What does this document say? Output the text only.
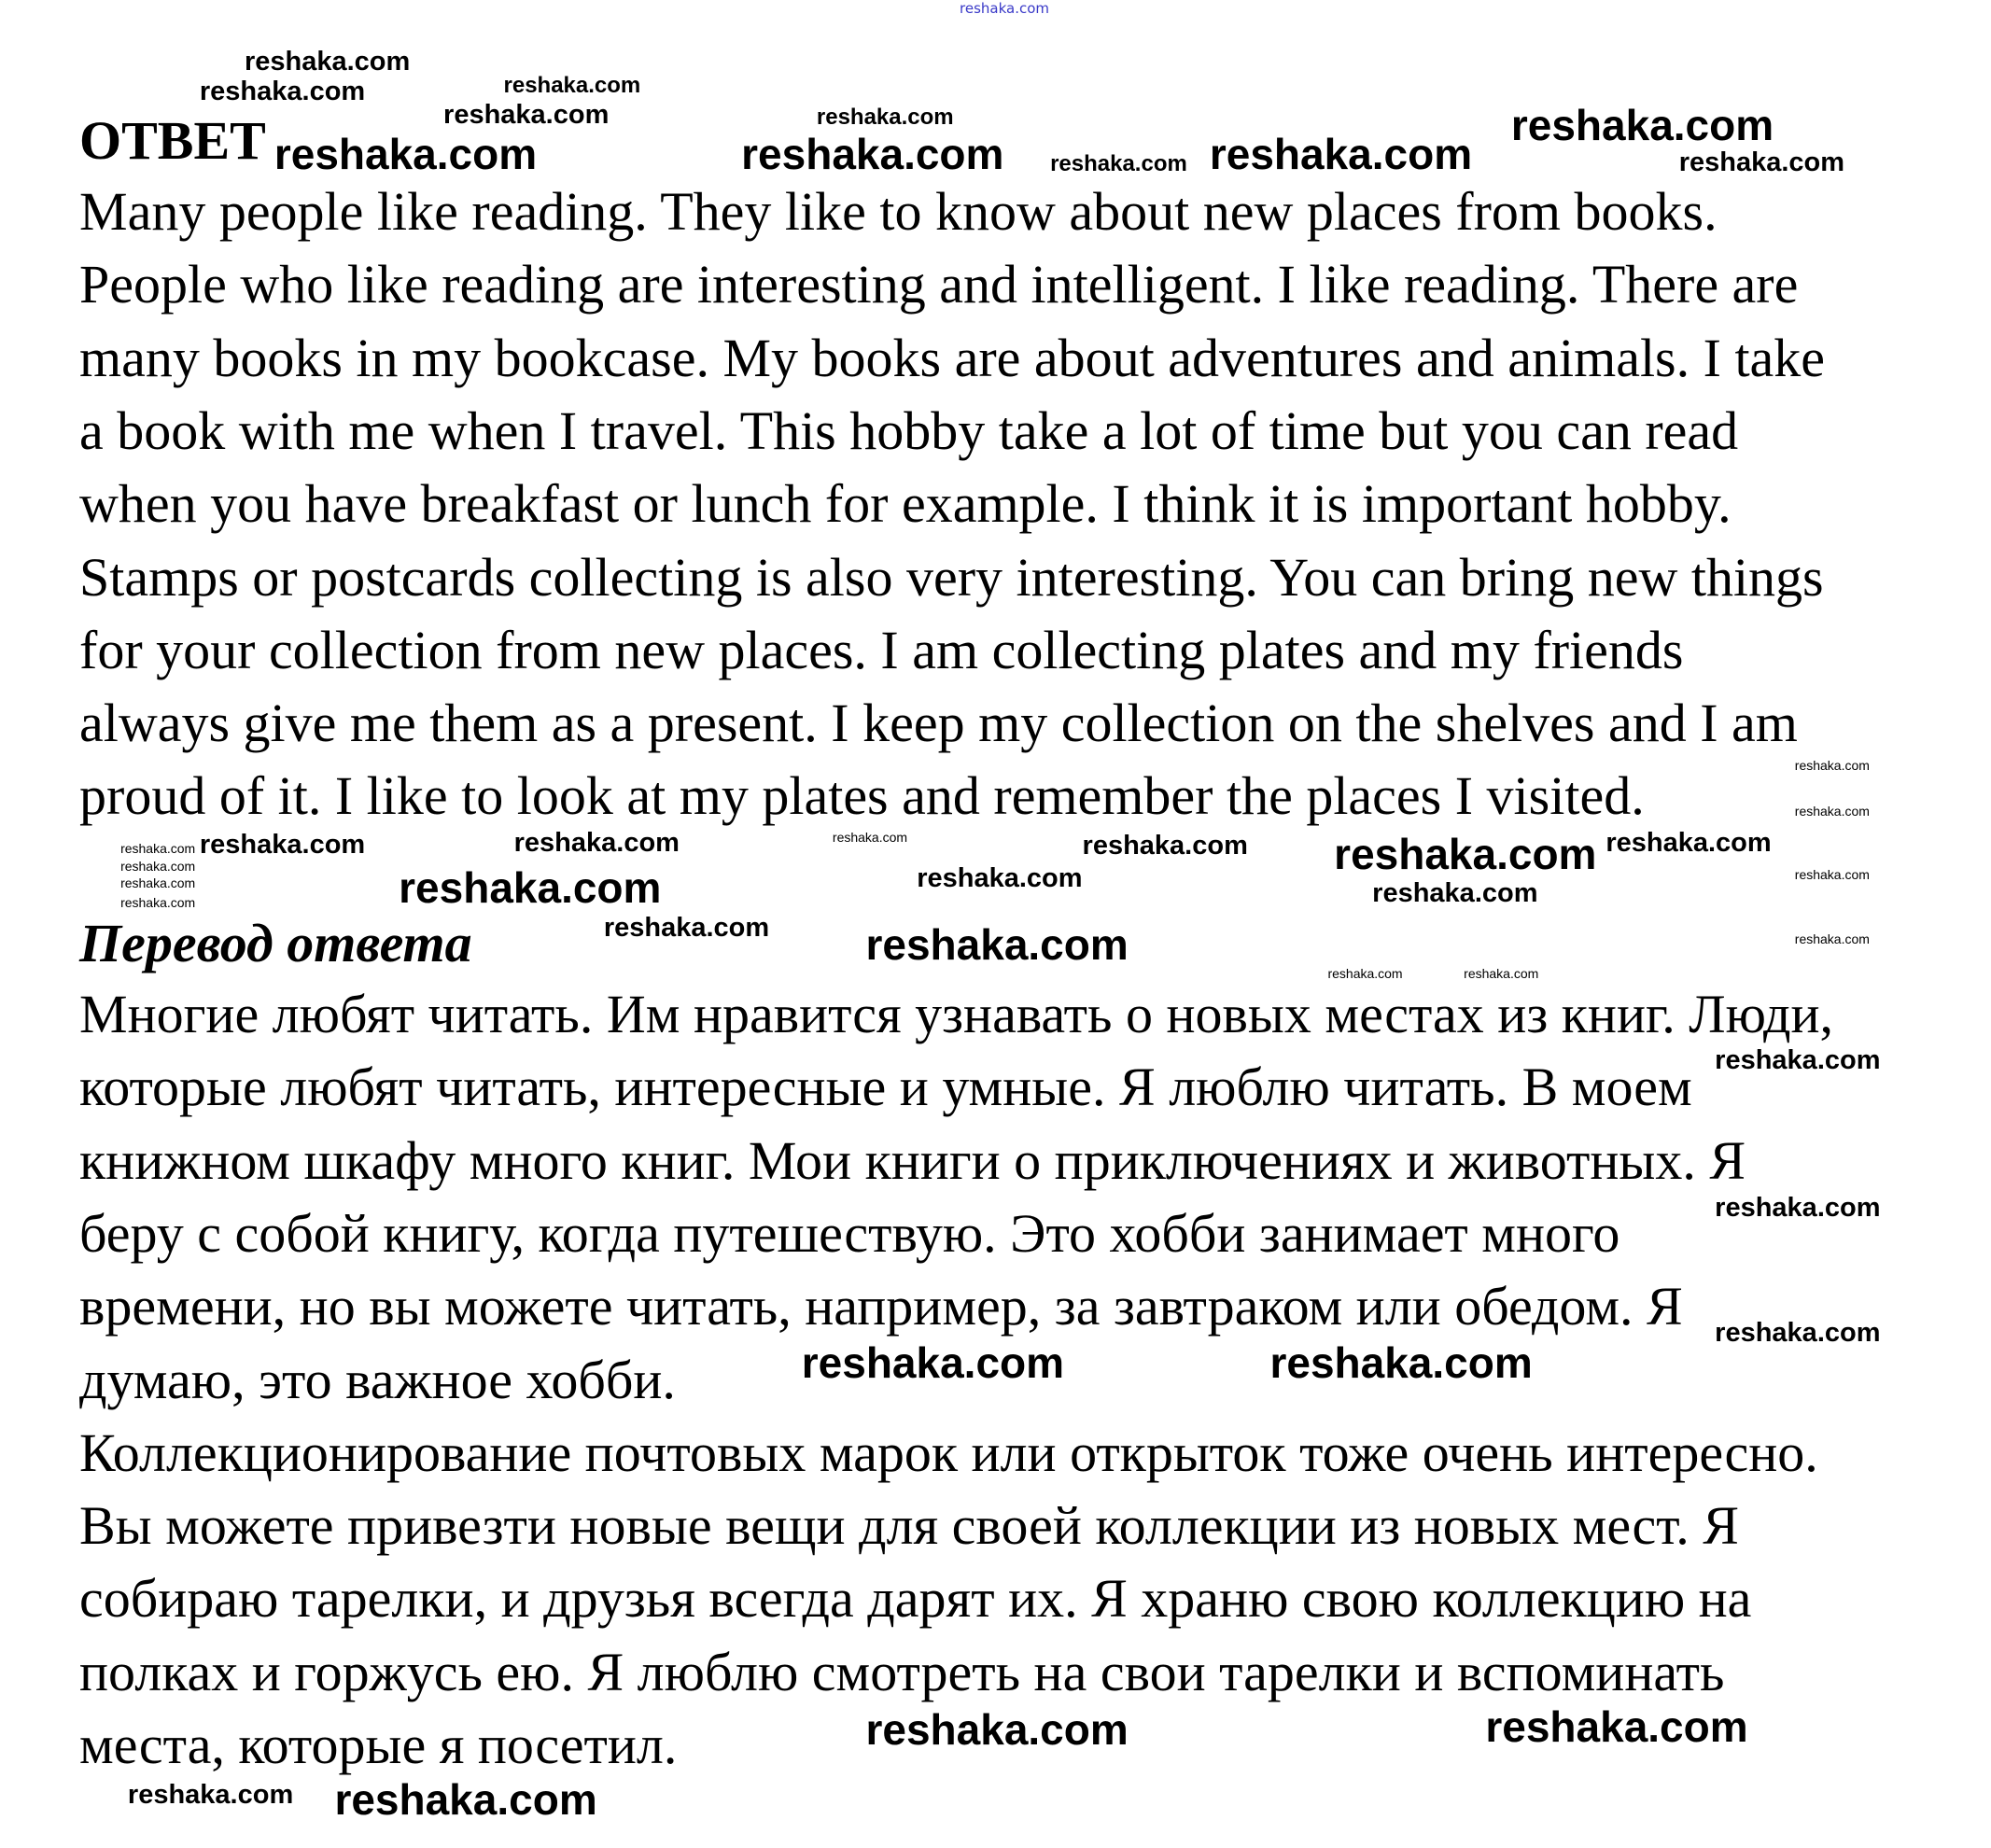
reshaka.com
ОТВЕТ
Many people like reading. They like to know about new places from books.
People who like reading are interesting and intelligent. I like reading. There are
many books in my bookcase. My books are about adventures and animals. I take
a book with me when I travel. This hobby take a lot of time but you can read
when you have breakfast or lunch for example. I think it is important hobby.
Stamps or postcards collecting is also very interesting. You can bring new things
for your collection from new places. I am collecting plates and my friends
always give me them as a present. I keep my collection on the shelves and I am
proud of it. I like to look at my plates and remember the places I visited.
Перевод ответа
Многие любят читать. Им нравится узнавать о новых местах из книг. Люди,
которые любят читать, интересные и умные. Я люблю читать. В моем
книжном шкафу много книг. Мои книги о приключениях и животных. Я
беру с собой книгу, когда путешествую. Это хобби занимает много
времени, но вы можете читать, например, за завтраком или обедом. Я
думаю, это важное хобби.
Коллекционирование почтовых марок или открыток тоже очень интересно.
Вы можете привезти новые вещи для своей коллекции из новых мест. Я
собираю тарелки, и друзья всегда дарят их. Я храню свою коллекцию на
полках и горжусь ею. Я люблю смотреть на свои тарелки и вспоминать
места, которые я посетил.
reshaka.com	reshaka.com	reshaka.com	reshaka.com
reshaka.com
reshaka.com
reshaka.com
reshaka.com
reshaka.com	reshaka.com
reshaka.com
reshaka.com	reshaka.com
reshaka.com
reshaka.com	reshaka.com
reshaka.com
reshaka.com
reshaka.com
reshaka.com
reshaka.com
reshaka.com
reshaka.com
reshaka.com
reshaka.com
reshaka.com
reshaka.com
reshaka.com
reshaka.com
reshaka.com
reshaka.com
reshaka.com
reshaka.com
reshaka.com
reshaka.com
reshaka.com
reshaka.com
reshaka.com
reshaka.com
reshaka.com	reshaka.com
